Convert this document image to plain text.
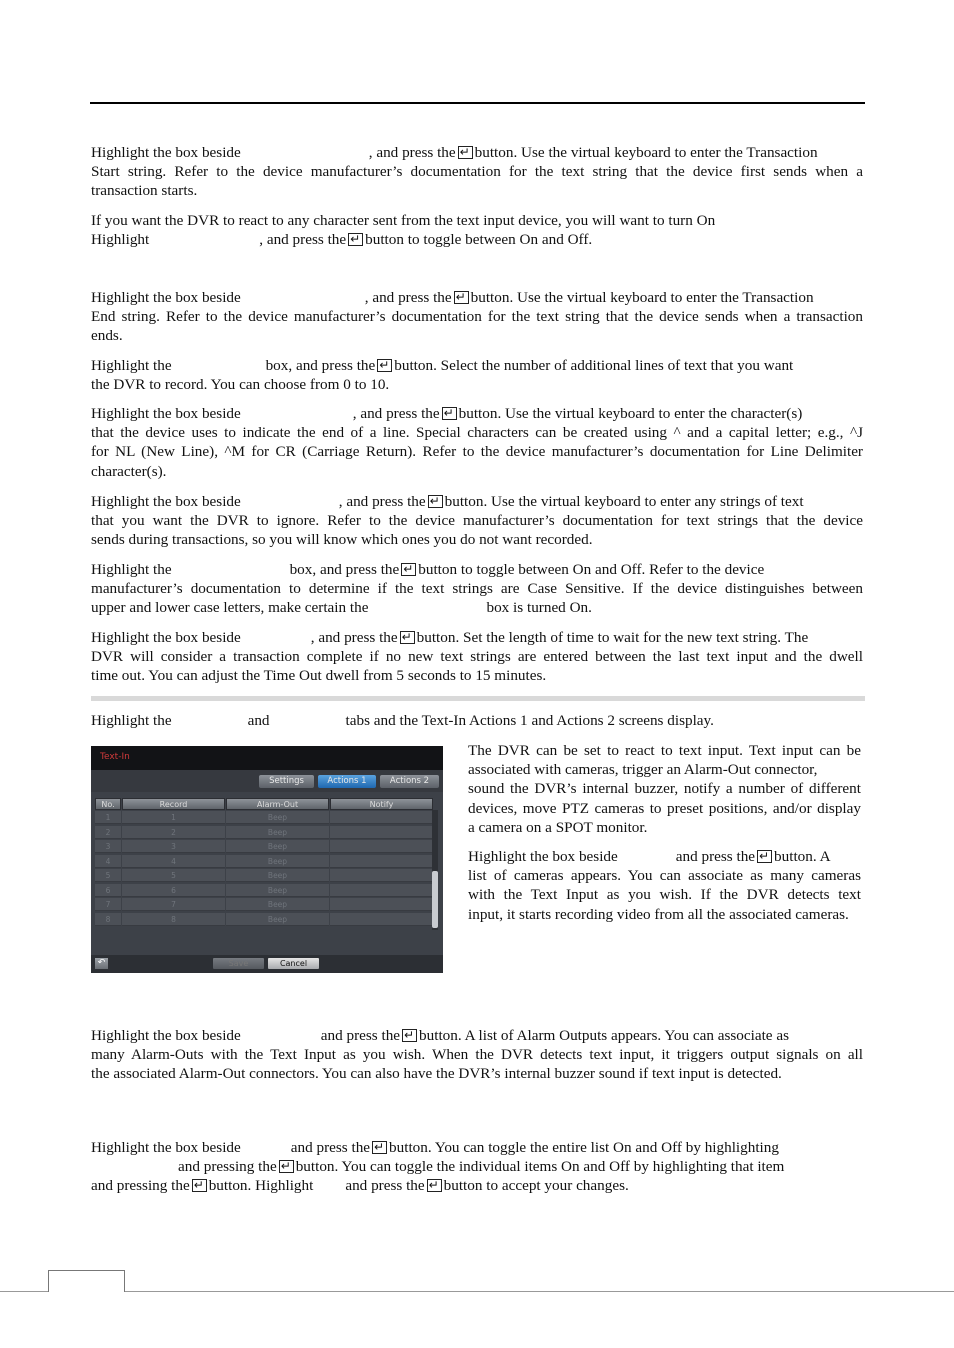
Highlight the box beside	, and press the ↵ button. Use the virtual keyboard to enter the Transaction
Start string. Refer to the device manufacturer’s documentation for the text string that the device first sends when a
transaction starts.
If you want the DVR to react to any character sent from the text input device, you will want to turn On
Highlight	, and press the ↵ button to toggle between On and Off.
Highlight the box beside	, and press the ↵ button. Use the virtual keyboard to enter the Transaction
End string. Refer to the device manufacturer’s documentation for the text string that the device sends when a transaction
ends.
Highlight the	box, and press the ↵ button. Select the number of additional lines of text that you want
the DVR to record. You can choose from 0 to 10.
Highlight the box beside	, and press the ↵ button. Use the virtual keyboard to enter the character(s)
that the device uses to indicate the end of a line. Special characters can be created using ^ and a capital letter; e.g., ^J
for NL (New Line), ^M for CR (Carriage Return). Refer to the device manufacturer’s documentation for Line Delimiter
character(s).
Highlight the box beside	, and press the ↵ button. Use the virtual keyboard to enter any strings of text
that you want the DVR to ignore. Refer to the device manufacturer’s documentation for text strings that the device
sends during transactions, so you will know which ones you do not want recorded.
Highlight the	box, and press the ↵ button to toggle between On and Off. Refer to the device
manufacturer’s documentation to determine if the text strings are Case Sensitive. If the device distinguishes between
upper and lower case letters, make certain the	box is turned On.
Highlight the box beside	, and press the ↵ button. Set the length of time to wait for the new text string. The
DVR will consider a transaction complete if no new text strings are entered between the last text input and the dwell
time out. You can adjust the Time Out dwell from 5 seconds to 15 minutes.
Highlight the	and	tabs and the Text-In Actions 1 and Actions 2 screens display.
Text-In
Settings	Actions 1	Actions 2
No.	Record	Alarm-Out	Notify
1	1	Beep
2	2	Beep
3	3	Beep
4	4	Beep
5	5	Beep
6	6	Beep
7	7	Beep
8	8	Beep
↶	Save	Cancel
The DVR can be set to react to text input. Text input can be
associated with cameras, trigger an Alarm-Out connector,
sound the DVR’s internal buzzer, notify a number of different
devices, move PTZ cameras to preset positions, and/or display
a camera on a SPOT monitor.
Highlight the box beside	and press the ↵ button. A
list of cameras appears. You can associate as many cameras
with the Text Input as you wish. If the DVR detects text
input, it starts recording video from all the associated cameras.
Highlight the box beside	and press the ↵ button. A list of Alarm Outputs appears. You can associate as
many Alarm-Outs with the Text Input as you wish. When the DVR detects text input, it triggers output signals on all
the associated Alarm-Out connectors. You can also have the DVR’s internal buzzer sound if text input is detected.
Highlight the box beside	and press the ↵ button. You can toggle the entire list On and Off by highlighting
and pressing the ↵ button. You can toggle the individual items On and Off by highlighting that item
and pressing the ↵ button. Highlight and press the ↵ button to accept your changes.
